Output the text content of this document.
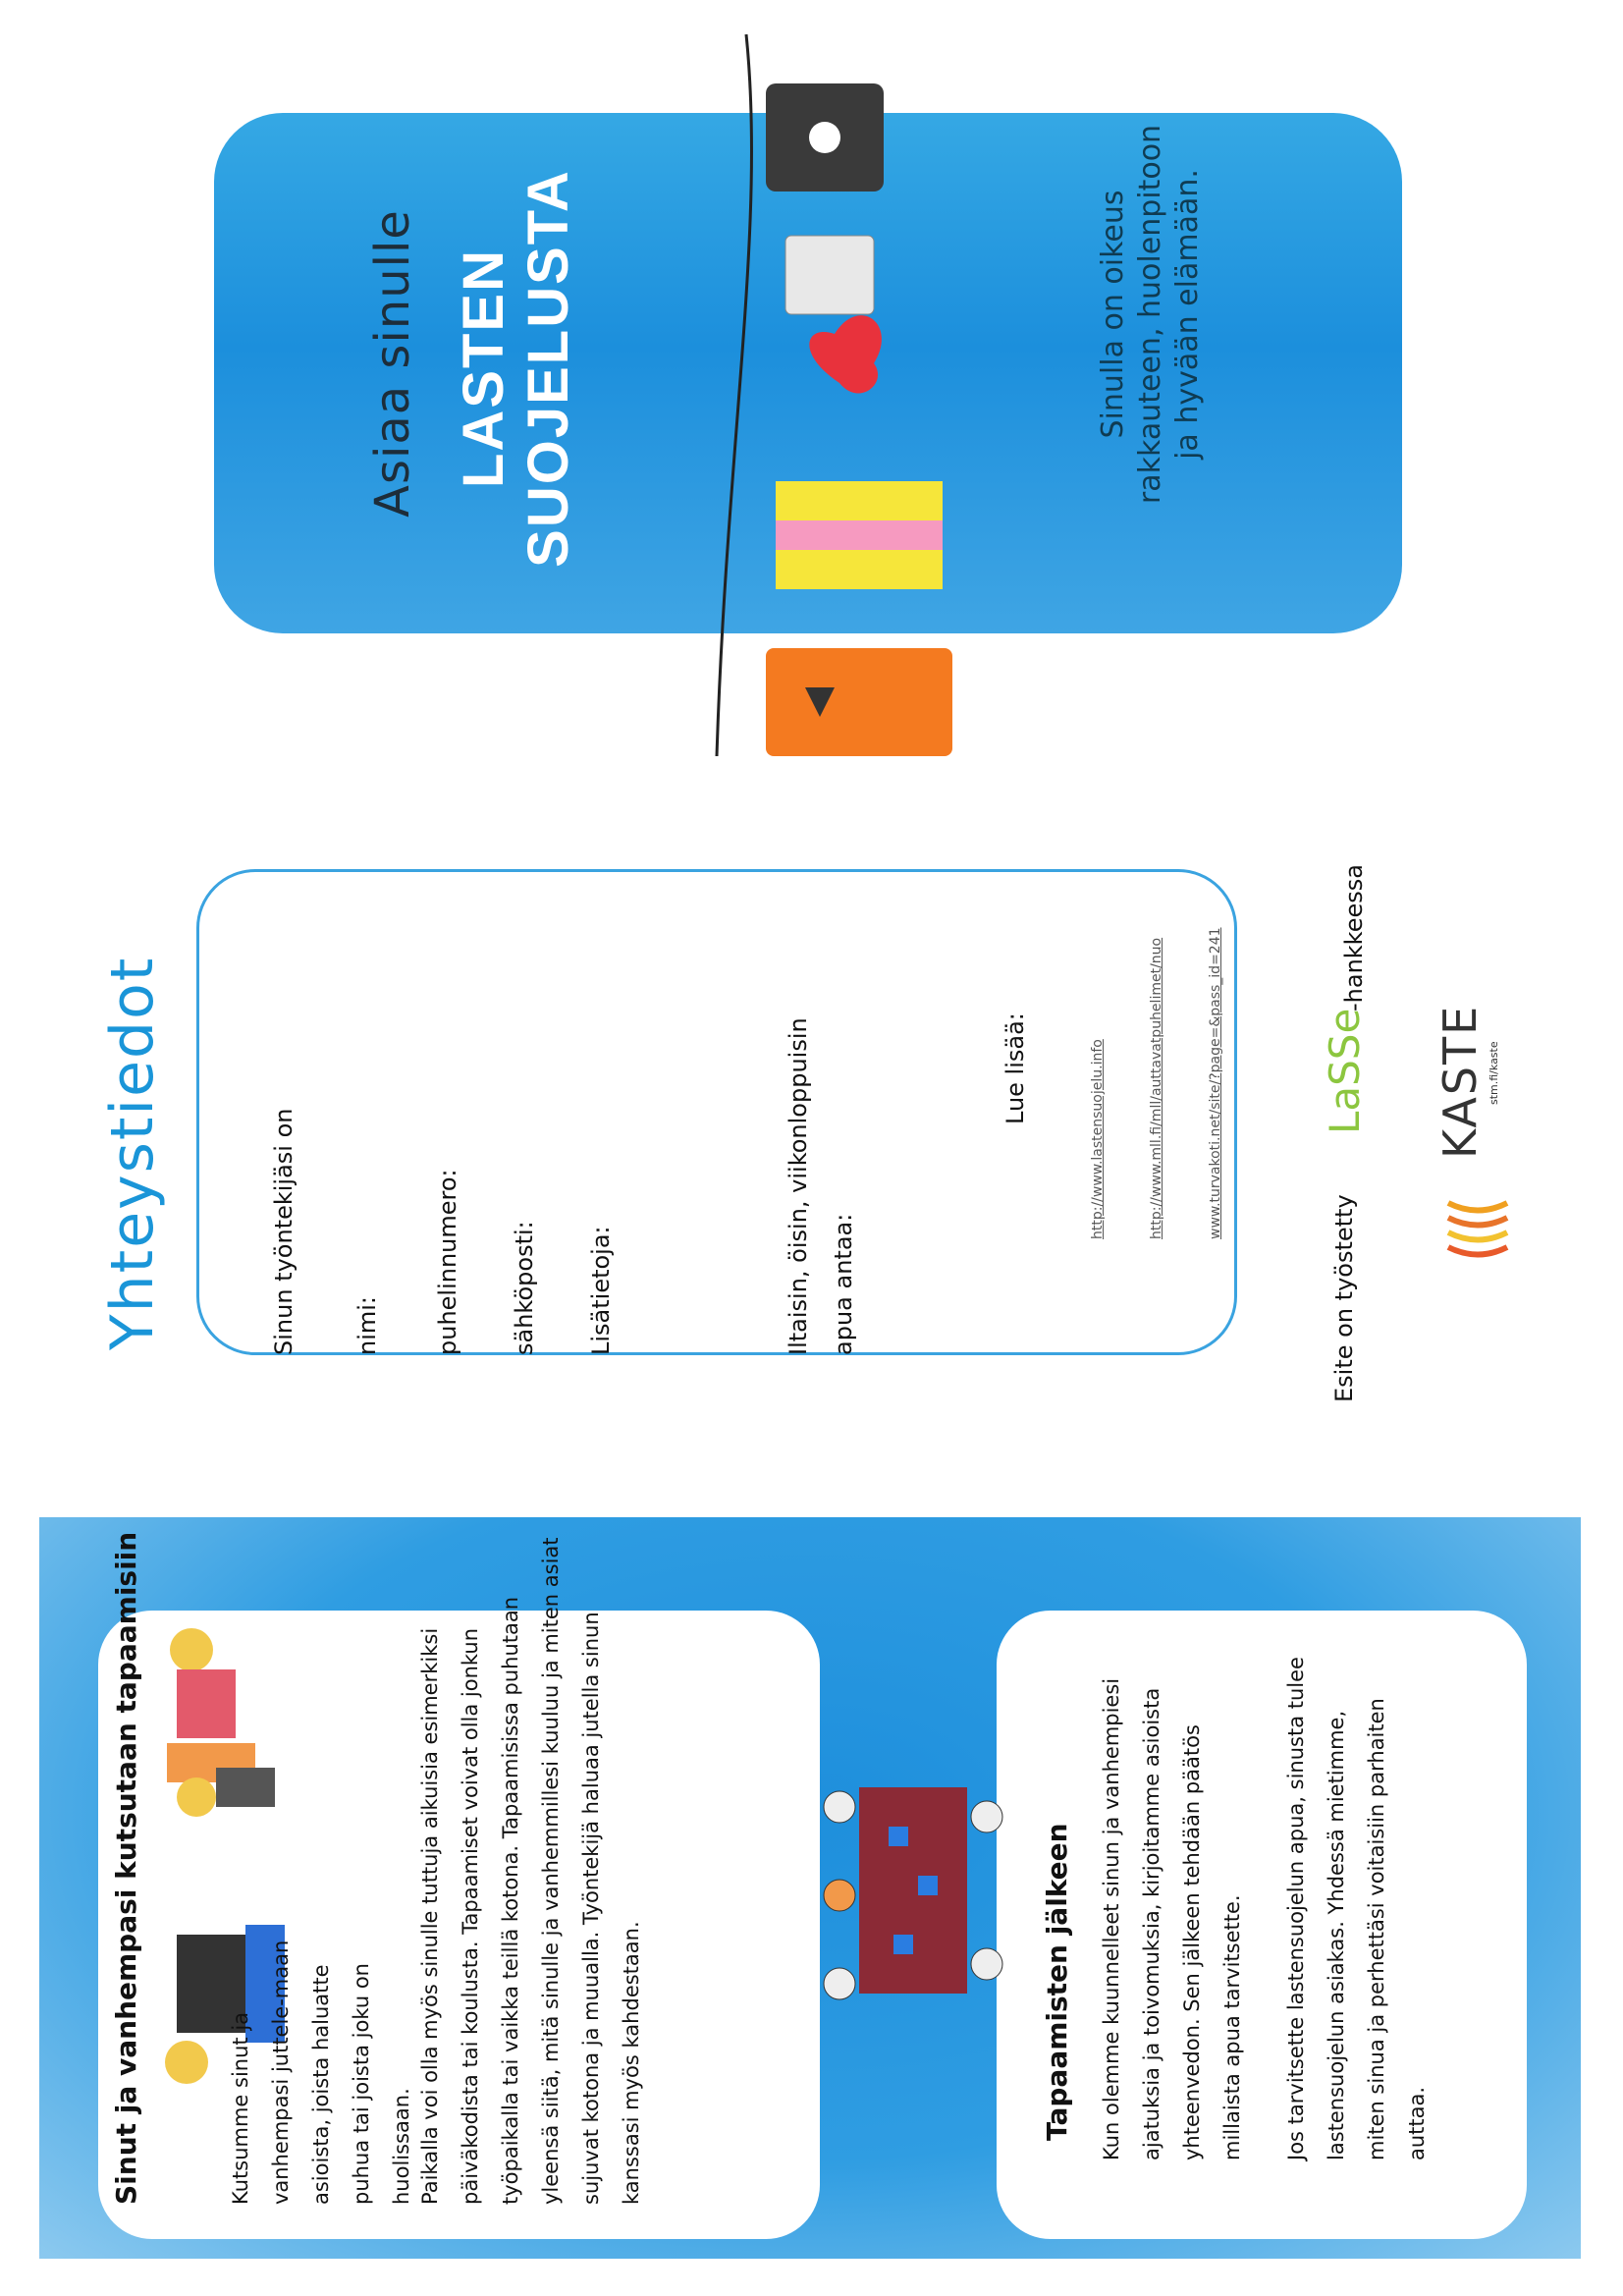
Asiaa sinulle LASTEN SUOJELUSTA	Sinulla on oikeus rakkauteen, huolenpitoon ja hyvään elämään.
Yhteystiedot	Sinun työntekijäsi on nimi: puhelinnumero: sähköposti: Lisätietoja:	Iltaisin, öisin, viikonloppuisin apua antaa:
Lue lisää:	http://www.lastensuojelu.info	http://www.mll.fi/mll/auttavatpuhelimet/nuo	www.turvakoti.net/site/?page=&pass_id=241
Esite on työstetty
LaSSe
-hankkeessa
KASTE stm.fi/kaste
Sinut ja vanhempasi kutsutaan tapaamisiin	Kutsumme sinut ja vanhempasi juttele-maan asioista, joista haluatte puhua tai joista joku on huolissaan. Paikalla voi olla myös sinulle tuttuja aikuisia esimerkiksi päiväkodista tai koulusta. Tapaamiset voivat olla jonkun työpaikalla tai vaikka teillä kotona. Tapaamisissa puhutaan yleensä siitä, mitä sinulle ja vanhemmillesi kuuluu ja miten asiat sujuvat kotona ja muualla. Työntekijä haluaa jutella sinun kanssasi myös kahdestaan.	Tapaamisten jälkeen	Kun olemme kuunnelleet sinun ja vanhempiesi ajatuksia ja toivomuksia, kirjoitamme asioista yhteenvedon. Sen jälkeen tehdään päätös millaista apua tarvitsette.	Jos tarvitsette lastensuojelun apua, sinusta tulee lastensuojelun asiakas. Yhdessä mietimme, miten sinua ja perhettäsi voitaisiin parhaiten auttaa.
